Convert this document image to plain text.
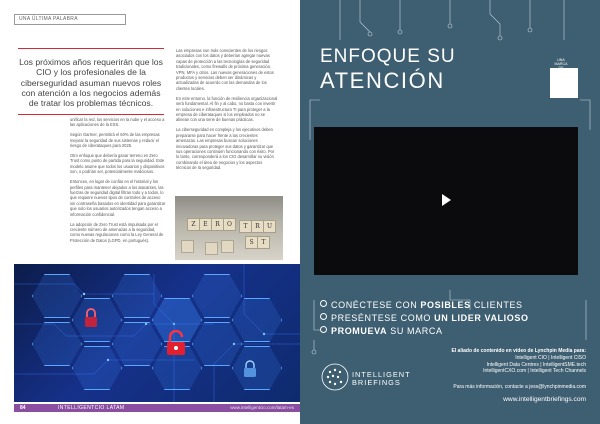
UNA ÚLTIMA PALABRA

Los próximos años requerirán que los CIO y los profesionales de la ciberseguridad asuman nuevos roles con atención a los negocios además de tratar los problemas técnicos.

unificar la red, los servicios en la nube y el acceso a las aplicaciones de la ESS.

Según Gartner, permitirá el 60% de las empresas mejorar la seguridad de sus sistemas y reducir el riesgo de ciberataques para 2025.

Otro enfoque que debería ganar terreno es Zero Trust como punto de partida para la seguridad. Este modelo asume que todos los usuarios y dispositivos son, o podrían ser, potencialmente maliciosos.

Entonces, en lugar de confiar en el historial y los perfiles para mantener alejados a los atacantes, las fuerzas de seguridad digital filtran todo y a todos, lo que requiere nuevos tipos de controles de acceso sin contraseña basados en identidad para garantizar que solo los usuarios autorizados tengan acceso a información confidencial.

La adopción de Zero Trust está impulsada por el creciente número de amenazas a la seguridad, como nuevas regulaciones como la Ley General de Protección de Datos (LGPD, en portugués).

Las empresas son más conscientes de los riesgos asociados con los datos y deberían agregar nuevas capas de protección a las tecnologías de seguridad tradicionales, como firewalls de próxima generación, VPN, MFA y otros. Las nuevas generaciones de estos productos y servicios deben ser dinámicas y actualizadas de acuerdo con las demandas de los clientes locales.

En este entorno, la función de resiliencia organizacional será fundamental. Al fin y al cabo, no basta con invertir en soluciones e infraestructura TI para proteger a la empresa de ciberataques si los empleados no se alinean con una serie de buenas prácticas.

La ciberseguridad es compleja y los ejecutivos deben prepararse para hacer frente a las crecientes amenazas. Las empresas buscan soluciones innovadoras para proteger sus datos y garantizar que sus operaciones continúen funcionando con éxito. Por lo tanto, corresponderá a los CIO desarrollar su visión combinando el área de negocios y los aspectos técnicos de la seguridad.

Z	E	R	O	T	R	U
S	T
84	INTELLIGENTCIO LATAM	www.intelligentcio.com/latam-es
ENFOQUE SU
ATENCIÓN
UNA MARCA
CONÉCTESE CON POSIBLES CLIENTES
PRESÉNTESE COMO UN LIDER VALIOSO
PROMUEVA SU MARCA
INTELLIGENT
BRIEFINGS
El aliado de contenido en vídeo de Lynchpin Media para:
Intelligent CIO | Intelligent CISO
Intelligent Data Centres | IntelligentSME.tech
IntelligentCXO.com | Intelligent Tech Channels
Para más información, contacte a jess@lynchpinmedia.com
www.intelligentbriefings.com
